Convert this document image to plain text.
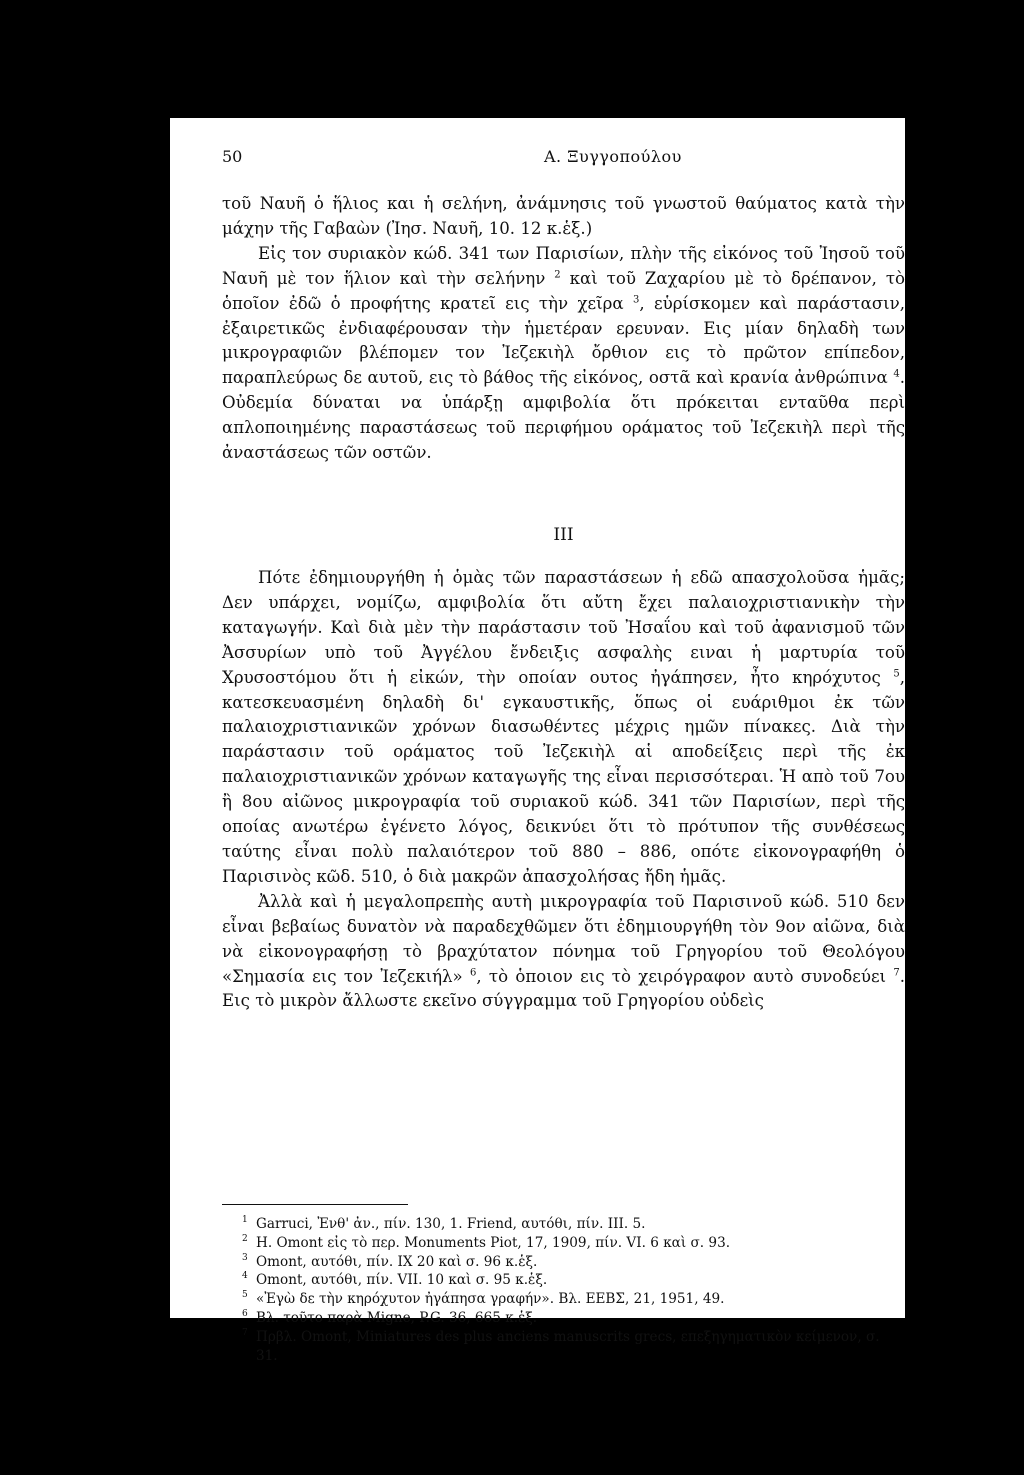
50	Α. Ξυγγοπούλου

τοῦ Ναυῆ ὁ ἥλιος και ἡ σελήνη, ἀνάμνησις τοῦ γνωστοῦ θαύματος κατὰ τὴν μάχην τῆς Γαβαὼν (Ἰησ. Ναυῆ, 10. 12 κ.ἑξ.)

Εἰς τον συριακὸν κώδ. 341 των Παρισίων, πλὴν τῆς εἰκόνος τοῦ Ἰησοῦ τοῦ Ναυῆ μὲ τον ἥλιον καὶ τὴν σελήνην $^2$ καὶ τοῦ Ζαχαρίου μὲ τὸ δρέπανον, τὸ ὁποῖον ἐδῶ ὁ προφήτης κρατεῖ εις τὴν χεῖρα $^3$, εὑρίσκομεν καὶ παράστασιν, ἐξαιρετικῶς ἐνδιαφέρουσαν τὴν ἡμετέραν ερευναν. Εις μίαν δηλαδὴ των μικρογραφιῶν βλέπομεν τον Ἰεζεκιὴλ ὄρθιον εις τὸ πρῶτον επίπεδον, παραπλεύρως δε αυτοῦ, εις τὸ βάθος τῆς εἰκόνος, οστᾶ καὶ κρανία ἀνθρώπινα $^4$. Οὐδεμία δύναται να ὑπάρξῃ αμφιβολία ὅτι πρόκειται ενταῦθα περὶ απλοποιημένης παραστάσεως τοῦ περιφήμου οράματος τοῦ Ἰεζεκιὴλ περὶ τῆς ἀναστάσεως τῶν οστῶν.

III

Πότε ἐδημιουργήθη ἡ ὁμὰς τῶν παραστάσεων ἡ εδῶ απασχολοῦσα ἡμᾶς; Δεν υπάρχει, νομίζω, αμφιβολία ὅτι αὔτη ἔχει παλαιοχριστιανικὴν τὴν καταγωγήν. Καὶ διὰ μὲν τὴν παράστασιν τοῦ Ἠσαΐου καὶ τοῦ ἀφανισμοῦ τῶν Ἀσσυρίων υπὸ τοῦ Ἀγγέλου ἔνδειξις ασφαλὴς ειναι ἡ μαρτυρία τοῦ Χρυσοστόμου ὅτι ἡ εἰκών, τὴν οποίαν ουτος ἠγάπησεν, ἦτο κηρόχυτος $^5$, κατεσκευασμένη δηλαδὴ δι' εγκαυστικῆς, ὅπως οἱ ευάριθμοι ἐκ τῶν παλαιοχριστιανικῶν χρόνων διασωθέντες μέχρις ημῶν πίνακες. Διὰ τὴν παράστασιν τοῦ οράματος τοῦ Ἰεζεκιὴλ αἱ αποδείξεις περὶ τῆς ἐκ παλαιοχριστιανικῶν χρόνων καταγωγῆς της εἶναι περισσότεραι. Ἡ απὸ τοῦ 7ου ἢ 8ου αἰῶνος μικρογραφία τοῦ συριακοῦ κώδ. 341 τῶν Παρισίων, περὶ τῆς οποίας ανωτέρω ἐγένετο λόγος, δεικνύει ὅτι τὸ πρότυπον τῆς συνθέσεως ταύτης εἶναι πολὺ παλαιότερον τοῦ 880 – 886, οπότε εἰκονογραφήθη ὁ Παρισινὸς κῶδ. 510, ὁ διὰ μακρῶν ἀπασχολήσας ἤδη ἡμᾶς.

Ἀλλὰ καὶ ἡ μεγαλοπρεπὴς αυτὴ μικρογραφία τοῦ Παρισινοῦ κώδ. 510 δεν εἶναι βεβαίως δυνατὸν νὰ παραδεχθῶμεν ὅτι ἐδημιουργήθη τὸν 9ον αἰῶνα, διὰ νὰ εἰκονογραφήσῃ τὸ βραχύτατον πόνημα τοῦ Γρηγορίου τοῦ Θεολόγου «Σημασία εις τον Ἰεζεκιήλ» $^6$, τὸ ὁποιον εις τὸ χειρόγραφον αυτὸ συνοδεύει $^7$. Εις τὸ μικρὸν ἄλλωστε εκεῖνο σύγγραμμα τοῦ Γρηγορίου οὐδεὶς

1 Garruci, Ἐνθ' ἀν., πίν. 130, 1. Friend, αυτόθι, πίν. III. 5.
2 H. Omont εἰς τὸ περ. Monuments Piot, 17, 1909, πίν. VI. 6 καὶ σ. 93.
3 Omont, αυτόθι, πίν. IX 20 καὶ σ. 96 κ.ἑξ.
4 Omont, αυτόθι, πίν. VII. 10 καὶ σ. 95 κ.ἑξ.
5 «Ἐγὼ δε τὴν κηρόχυτον ἠγάπησα γραφήν». Βλ. ΕΕΒΣ, 21, 1951, 49.
6 Βλ. τοῦτο παρὰ Migne, P.G. 36, 665 κ.ἑξ.
7 Πρβλ. Omont, Miniatures des plus anciens manuscrits grecs, επεξηγηματικὸν κείμενον, σ. 31.
